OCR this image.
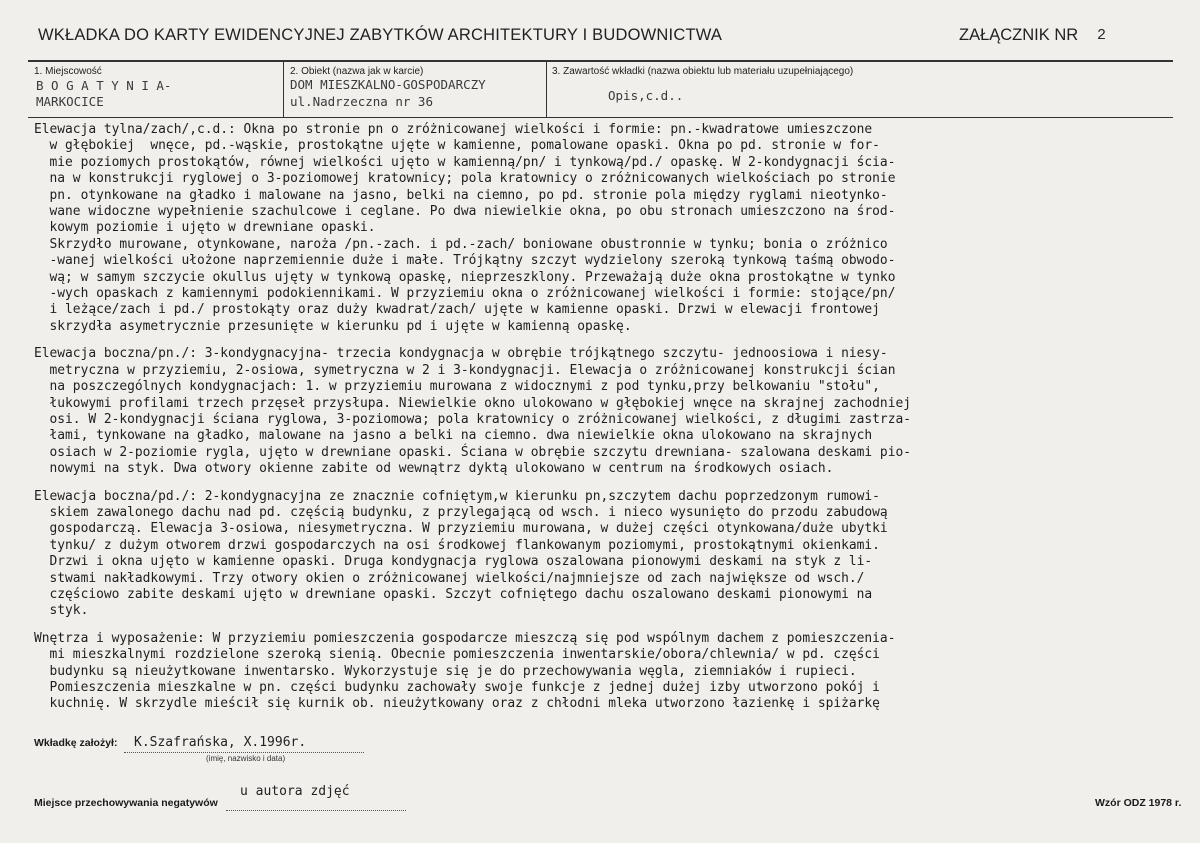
WKŁADKA DO KARTY EWIDENCYJNEJ ZABYTKÓW ARCHITEKTURY I BUDOWNICTWA	ZAŁĄCZNIK NR 2
1. Miejscowość
B O G A T Y N I A-
MARKOCICE
2. Obiekt (nazwa jak w karcie)
DOM MIESZKALNO-GOSPODARCZY
ul.Nadrzeczna nr 36
3. Zawartość wkładki (nazwa obiektu lub materiału uzupełniającego)
Opis,c.d..
Elewacja tylna/zach/,c.d.: Okna po stronie pn o zróżnicowanej wielkości i formie: pn.-kwadratowe umieszczone
w głębokiej  wnęce, pd.-wąskie, prostokątne ujęte w kamienne, pomalowane opaski. Okna po pd. stronie w for-
mie poziomych prostokątów, równej wielkości ujęto w kamienną/pn/ i tynkową/pd./ opaskę. W 2-kondygnacji ścia-
na w konstrukcji ryglowej o 3-poziomowej kratownicy; pola kratownicy o zróżnicowanych wielkościach po stronie
pn. otynkowane na gładko i malowane na jasno, belki na ciemno, po pd. stronie pola między ryglami nieotynko-
wane widoczne wypełnienie szachulcowe i ceglane. Po dwa niewielkie okna, po obu stronach umieszczono na środ-
kowym poziomie i ujęto w drewniane opaski.
Skrzydło murowane, otynkowane, naroża /pn.-zach. i pd.-zach/ boniowane obustronnie w tynku; bonia o zróżnico
-wanej wielkości ułożone naprzemiennie duże i małe. Trójkątny szczyt wydzielony szeroką tynkową taśmą obwodo-
wą; w samym szczycie okullus ujęty w tynkową opaskę, nieprzeszklony. Przeważają duże okna prostokątne w tynko
-wych opaskach z kamiennymi podokiennikami. W przyziemiu okna o zróżnicowanej wielkości i formie: stojące/pn/
i leżące/zach i pd./ prostokąty oraz duży kwadrat/zach/ ujęte w kamienne opaski. Drzwi w elewacji frontowej
skrzydła asymetrycznie przesunięte w kierunku pd i ujęte w kamienną opaskę.
Elewacja boczna/pn./: 3-kondygnacyjna- trzecia kondygnacja w obrębie trójkątnego szczytu- jednoosiowa i niesy-
metryczna w przyziemiu, 2-osiowa, symetryczna w 2 i 3-kondygnacji. Elewacja o zróżnicowanej konstrukcji ścian
na poszczególnych kondygnacjach: 1. w przyziemiu murowana z widocznymi z pod tynku,przy belkowaniu "stołu",
łukowymi profilami trzech przęseł przysłupa. Niewielkie okno ulokowano w głębokiej wnęce na skrajnej zachodniej
osi. W 2-kondygnacji ściana ryglowa, 3-poziomowa; pola kratownicy o zróżnicowanej wielkości, z długimi zastrza-
łami, tynkowane na gładko, malowane na jasno a belki na ciemno. dwa niewielkie okna ulokowano na skrajnych
osiach w 2-poziomie rygla, ujęto w drewniane opaski. Ściana w obrębie szczytu drewniana- szalowana deskami pio-
nowymi na styk. Dwa otwory okienne zabite od wewnątrz dyktą ulokowano w centrum na środkowych osiach.
Elewacja boczna/pd./: 2-kondygnacyjna ze znacznie cofniętym,w kierunku pn,szczytem dachu poprzedzonym rumowi-
skiem zawalonego dachu nad pd. częścią budynku, z przylegającą od wsch. i nieco wysunięto do przodu zabudową
gospodarczą. Elewacja 3-osiowa, niesymetryczna. W przyziemiu murowana, w dużej części otynkowana/duże ubytki
tynku/ z dużym otworem drzwi gospodarczych na osi środkowej flankowanym poziomymi, prostokątnymi okienkami.
Drzwi i okna ujęto w kamienne opaski. Druga kondygnacja ryglowa oszalowana pionowymi deskami na styk z li-
stwami nakładkowymi. Trzy otwory okien o zróżnicowanej wielkości/najmniejsze od zach największe od wsch./
częściowo zabite deskami ujęto w drewniane opaski. Szczyt cofniętego dachu oszalowano deskami pionowymi na
styk.
Wnętrza i wyposażenie: W przyziemiu pomieszczenia gospodarcze mieszczą się pod wspólnym dachem z pomieszczenia-
mi mieszkalnymi rozdzielone szeroką sienią. Obecnie pomieszczenia inwentarskie/obora/chlewnia/ w pd. części
budynku są nieużytkowane inwentarsko. Wykorzystuje się je do przechowywania węgla, ziemniaków i rupieci.
Pomieszczenia mieszkalne w pn. części budynku zachowały swoje funkcje z jednej dużej izby utworzono pokój i
kuchnię. W skrzydle mieścił się kurnik ob. nieużytkowany oraz z chłodni mleka utworzono łazienkę i spiżarkę
Wkładkę założył: K.Szafrańska, X.1996r.
(imię, nazwisko i data)
u autora zdjęć
Miejsce przechowywania negatywów	Wzór ODZ 1978 r.
